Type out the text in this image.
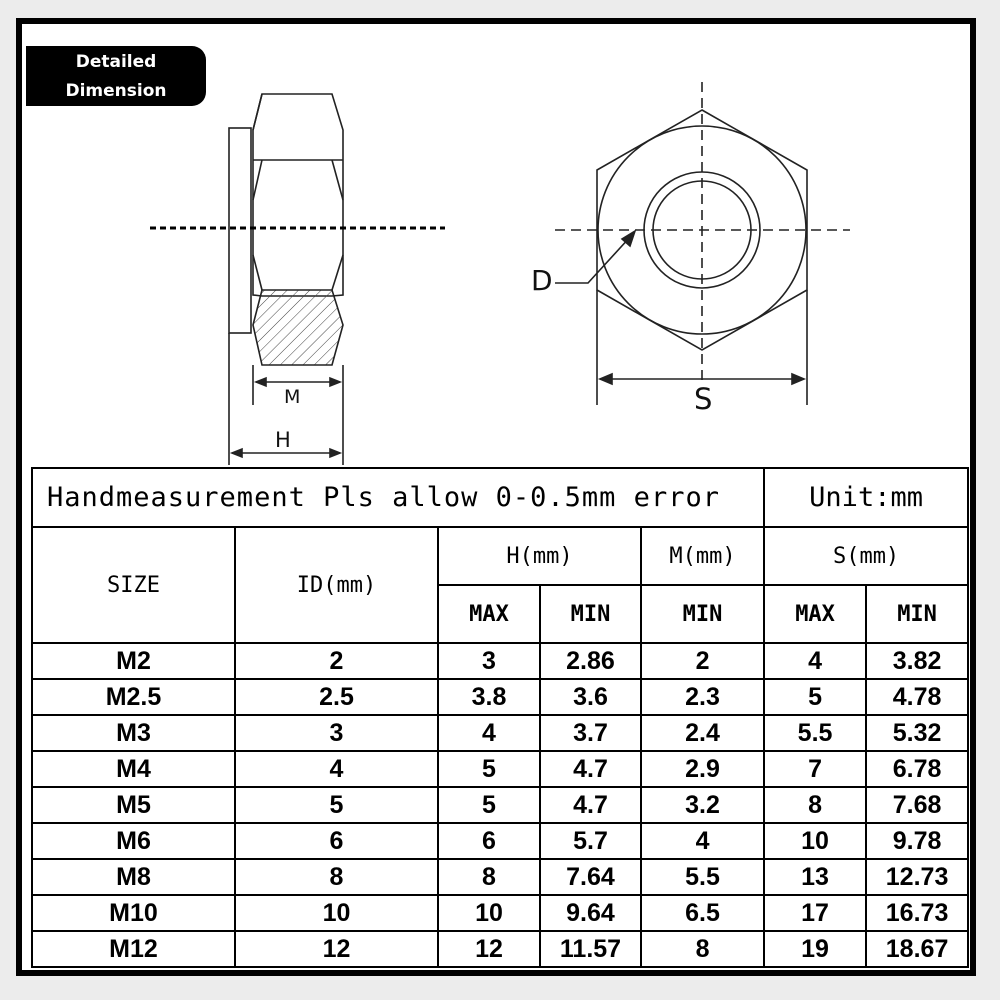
Detailed Dimension
Table
M
H
D
S
Handmeasurement Pls allow 0-0.5mm error					Unit:mm	
SIZE	ID(mm)	H(mm)		M(mm)	S(mm)	
		MAX	MIN	MIN	MAX	MIN
M2	2	3	2.86	2	4	3.82
M2.5	2.5	3.8	3.6	2.3	5	4.78
M3	3	4	3.7	2.4	5.5	5.32
M4	4	5	4.7	2.9	7	6.78
M5	5	5	4.7	3.2	8	7.68
M6	6	6	5.7	4	10	9.78
M8	8	8	7.64	5.5	13	12.73
M10	10	10	9.64	6.5	17	16.73
M12	12	12	11.57	8	19	18.67
